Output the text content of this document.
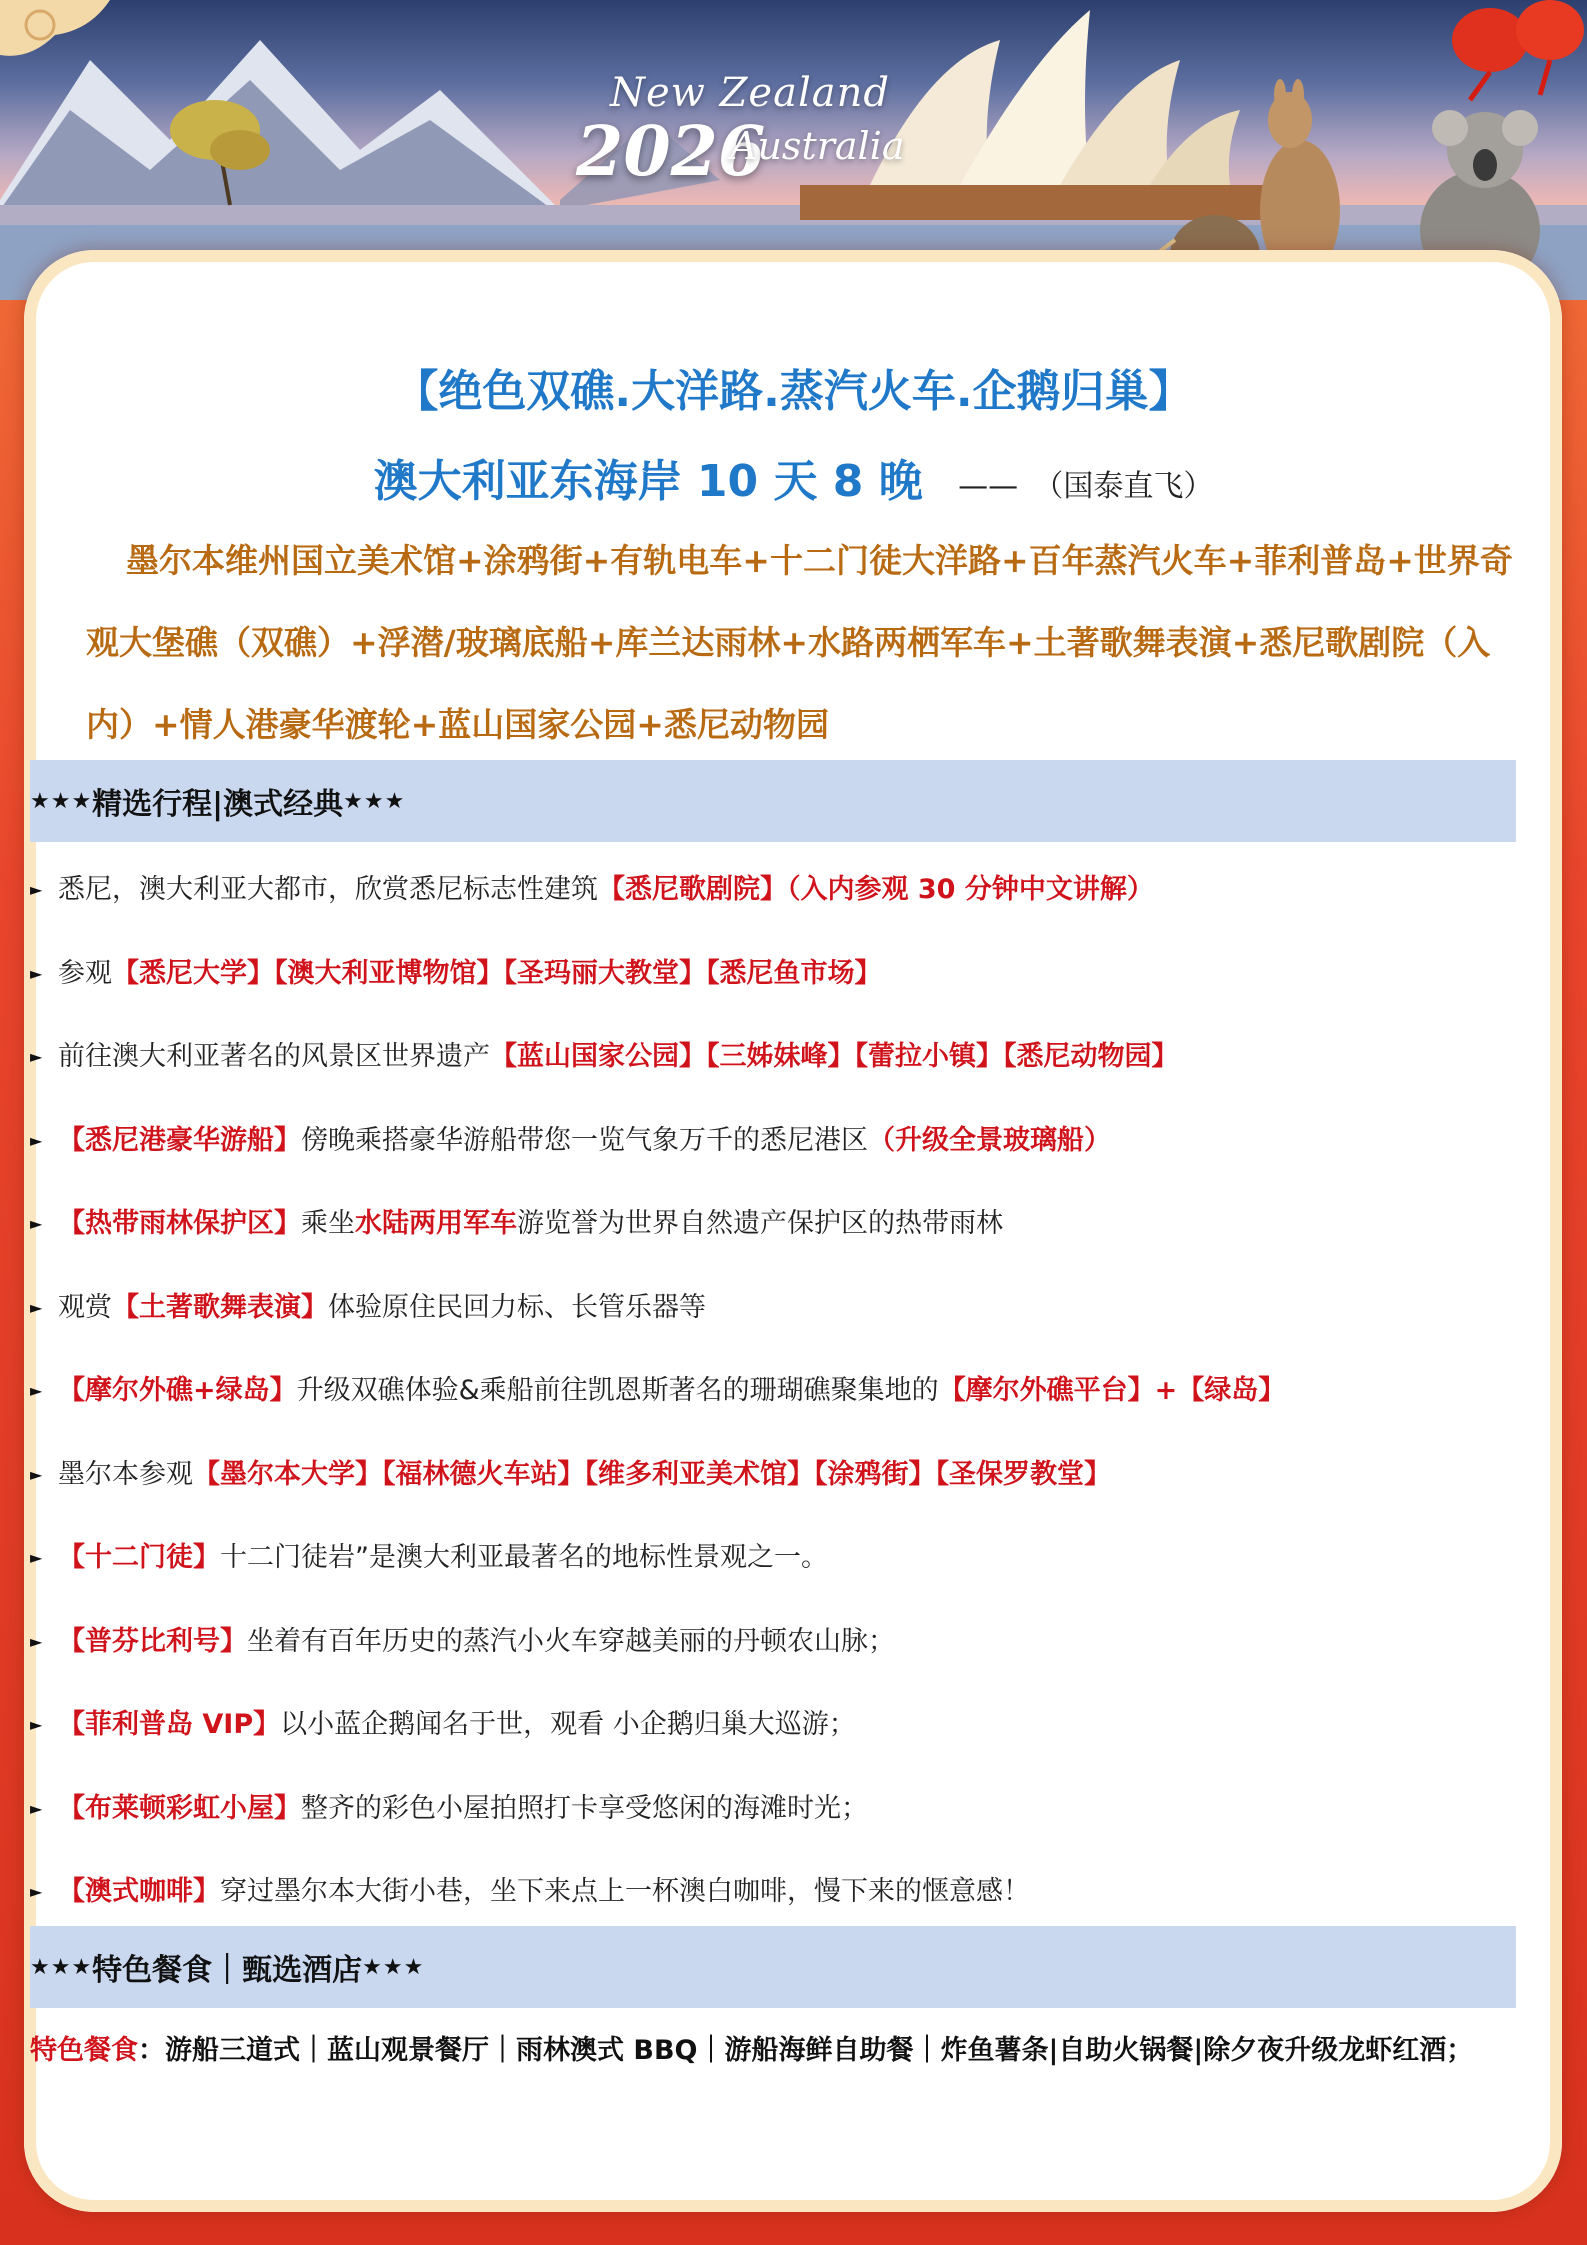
New Zealand
2026
Australia
【绝色双礁.大洋路.蒸汽火车.企鹅归巢】
澳大利亚东海岸 10 天 8 晚 —— （国泰直飞）
墨尔本维州国立美术馆+涂鸦街+有轨电车+十二门徒大洋路+百年蒸汽火车+菲利普岛+世界奇观大堡礁（双礁）+浮潜/玻璃底船+库兰达雨林+水路两栖军车+土著歌舞表演+悉尼歌剧院（入内）+情人港豪华渡轮+蓝山国家公园+悉尼动物园
★★★ 精选行程|澳式经典 ★★★
► 悉尼，澳大利亚大都市，欣赏悉尼标志性建筑【悉尼歌剧院】（入内参观 30 分钟中文讲解）
► 参观【悉尼大学】【澳大利亚博物馆】【圣玛丽大教堂】【悉尼鱼市场】
► 前往澳大利亚著名的风景区世界遗产【蓝山国家公园】【三姊妹峰】【蕾拉小镇】【悉尼动物园】
► 【悉尼港豪华游船】傍晚乘搭豪华游船带您一览气象万千的悉尼港区（升级全景玻璃船）
► 【热带雨林保护区】乘坐水陆两用军车游览誉为世界自然遗产保护区的热带雨林
► 观赏【土著歌舞表演】体验原住民回力标、长管乐器等
► 【摩尔外礁+绿岛】升级双礁体验&乘船前往凯恩斯著名的珊瑚礁聚集地的【摩尔外礁平台】+【绿岛】
► 墨尔本参观【墨尔本大学】【福林德火车站】【维多利亚美术馆】【涂鸦街】【圣保罗教堂】
► 【十二门徒】十二门徒岩”是澳大利亚最著名的地标性景观之一。
► 【普芬比利号】坐着有百年历史的蒸汽小火车穿越美丽的丹顿农山脉；
► 【菲利普岛 VIP】以小蓝企鹅闻名于世，观看 小企鹅归巢大巡游；
► 【布莱顿彩虹小屋】整齐的彩色小屋拍照打卡享受悠闲的海滩时光；
► 【澳式咖啡】穿过墨尔本大街小巷，坐下来点上一杯澳白咖啡，慢下来的惬意感！
★★★ 特色餐食｜甄选酒店 ★★★
特色餐食：游船三道式｜蓝山观景餐厅｜雨林澳式 BBQ｜游船海鲜自助餐｜炸鱼薯条|自助火锅餐|除夕夜升级龙虾红酒；
